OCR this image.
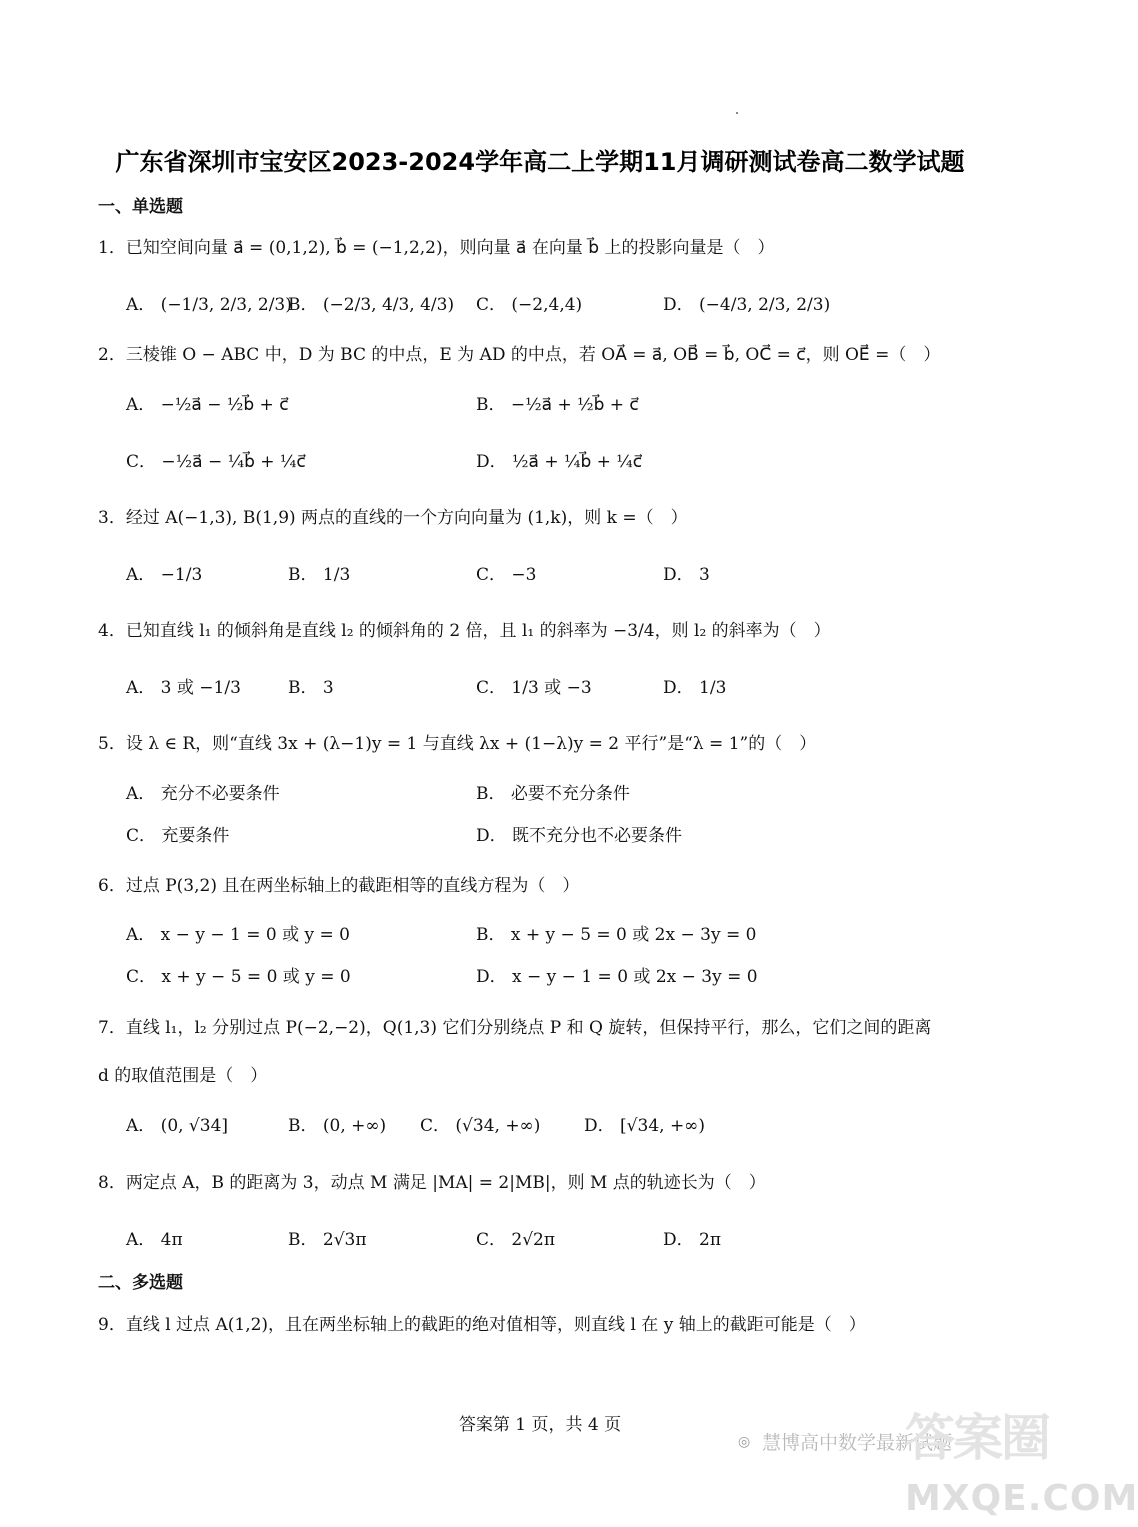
广东省深圳市宝安区2023-2024学年高二上学期11月调研测试卷高二数学试题
一、单选题
1．已知空间向量 a⃗ = (0,1,2), b⃗ = (−1,2,2)，则向量 a⃗ 在向量 b⃗ 上的投影向量是（　）
A． (−1/3, 2/3, 2/3)
B． (−2/3, 4/3, 4/3) C． (−2,4,4)	D． (−4/3, 2/3, 2/3)
2．三棱锥 O − ABC 中，D 为 BC 的中点，E 为 AD 的中点，若 OA⃗ = a⃗, OB⃗ = b⃗, OC⃗ = c⃗，则 OE⃗ =（　）
A． −½a⃗ − ½b⃗ + c⃗	B． −½a⃗ + ½b⃗ + c⃗
C． −½a⃗ − ¼b⃗ + ¼c⃗	D． ½a⃗ + ¼b⃗ + ¼c⃗
3．经过 A(−1,3), B(1,9) 两点的直线的一个方向向量为 (1,k)，则 k =（　）
A． −1/3	B． 1/3	C． −3	D． 3
4．已知直线 l₁ 的倾斜角是直线 l₂ 的倾斜角的 2 倍，且 l₁ 的斜率为 −3/4，则 l₂ 的斜率为（　）
A． 3 或 −1/3	B． 3	C． 1/3 或 −3	D． 1/3
5．设 λ ∈ R，则“直线 3x + (λ−1)y = 1 与直线 λx + (1−λ)y = 2 平行”是“λ = 1”的（　）
A． 充分不必要条件	B． 必要不充分条件
C． 充要条件	D． 既不充分也不必要条件
6．过点 P(3,2) 且在两坐标轴上的截距相等的直线方程为（　）
A． x − y − 1 = 0 或 y = 0	B． x + y − 5 = 0 或 2x − 3y = 0
C． x + y − 5 = 0 或 y = 0	D． x − y − 1 = 0 或 2x − 3y = 0
7．直线 l₁，l₂ 分别过点 P(−2,−2)，Q(1,3) 它们分别绕点 P 和 Q 旋转，但保持平行，那么，它们之间的距离
d 的取值范围是（　）
A． (0, √34]	B． (0, +∞) C． (√34, +∞)	D． [√34, +∞)
8．两定点 A，B 的距离为 3，动点 M 满足 |MA| = 2|MB|，则 M 点的轨迹长为（　）
A． 4π	B． 2√3π	C． 2√2π	D． 2π
二、多选题
9．直线 l 过点 A(1,2)，且在两坐标轴上的截距的绝对值相等，则直线 l 在 y 轴上的截距可能是（　）
答案第 1 页，共 4 页
◎ 慧博高中数学最新试题
答案圈
MXQE.COM
